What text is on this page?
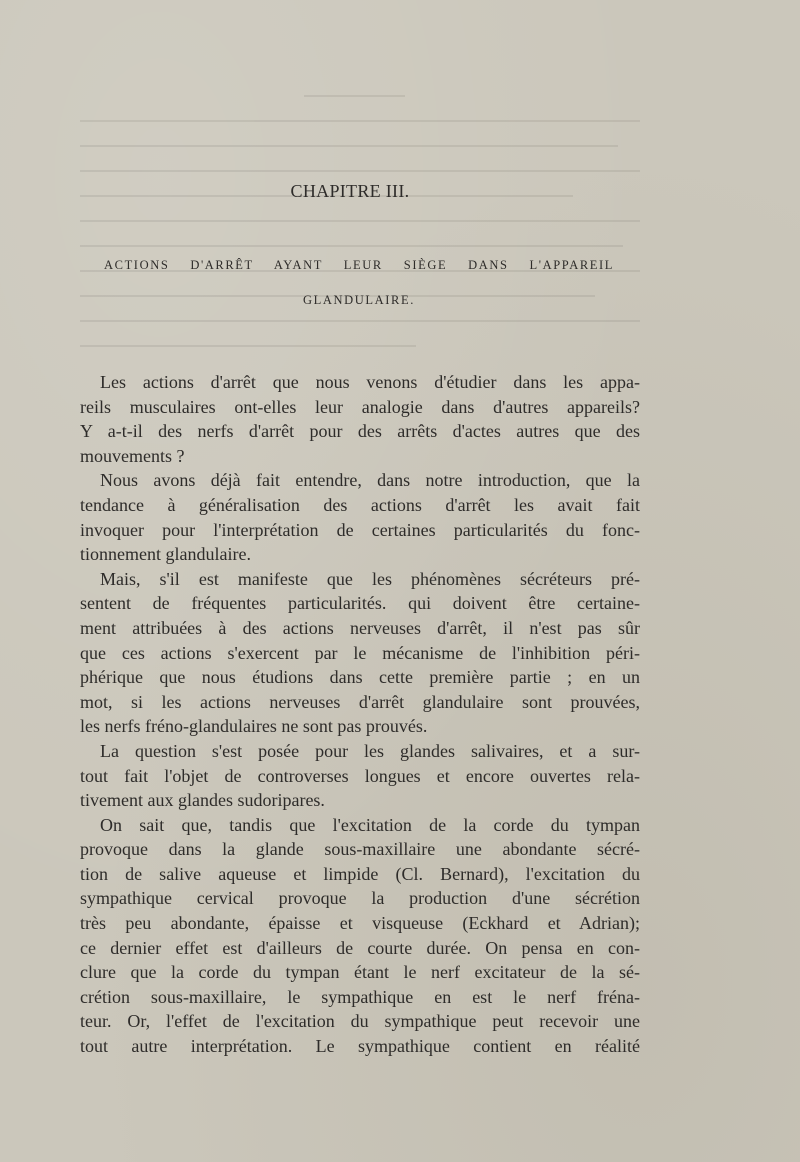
CHAPITRE III.
ACTIONS D'ARRÊT AYANT LEUR SIÈGE DANS L'APPAREIL
GLANDULAIRE.
Les actions d'arrêt que nous venons d'étudier dans les appa-
reils musculaires ont-elles leur analogie dans d'autres appareils?
Y a-t-il des nerfs d'arrêt pour des arrêts d'actes autres que des
mouvements ?
Nous avons déjà fait entendre, dans notre introduction, que la
tendance à généralisation des actions d'arrêt les avait fait
invoquer pour l'interprétation de certaines particularités du fonc-
tionnement glandulaire.
Mais, s'il est manifeste que les phénomènes sécréteurs pré-
sentent de fréquentes particularités. qui doivent être certaine-
ment attribuées à des actions nerveuses d'arrêt, il n'est pas sûr
que ces actions s'exercent par le mécanisme de l'inhibition péri-
phérique que nous étudions dans cette première partie ; en un
mot, si les actions nerveuses d'arrêt glandulaire sont prouvées,
les nerfs fréno-glandulaires ne sont pas prouvés.
La question s'est posée pour les glandes salivaires, et a sur-
tout fait l'objet de controverses longues et encore ouvertes rela-
tivement aux glandes sudoripares.
On sait que, tandis que l'excitation de la corde du tympan
provoque dans la glande sous-maxillaire une abondante sécré-
tion de salive aqueuse et limpide (Cl. Bernard), l'excitation du
sympathique cervical provoque la production d'une sécrétion
très peu abondante, épaisse et visqueuse (Eckhard et Adrian);
ce dernier effet est d'ailleurs de courte durée. On pensa en con-
clure que la corde du tympan étant le nerf excitateur de la sé-
crétion sous-maxillaire, le sympathique en est le nerf fréna-
teur. Or, l'effet de l'excitation du sympathique peut recevoir une
tout autre interprétation. Le sympathique contient en réalité
